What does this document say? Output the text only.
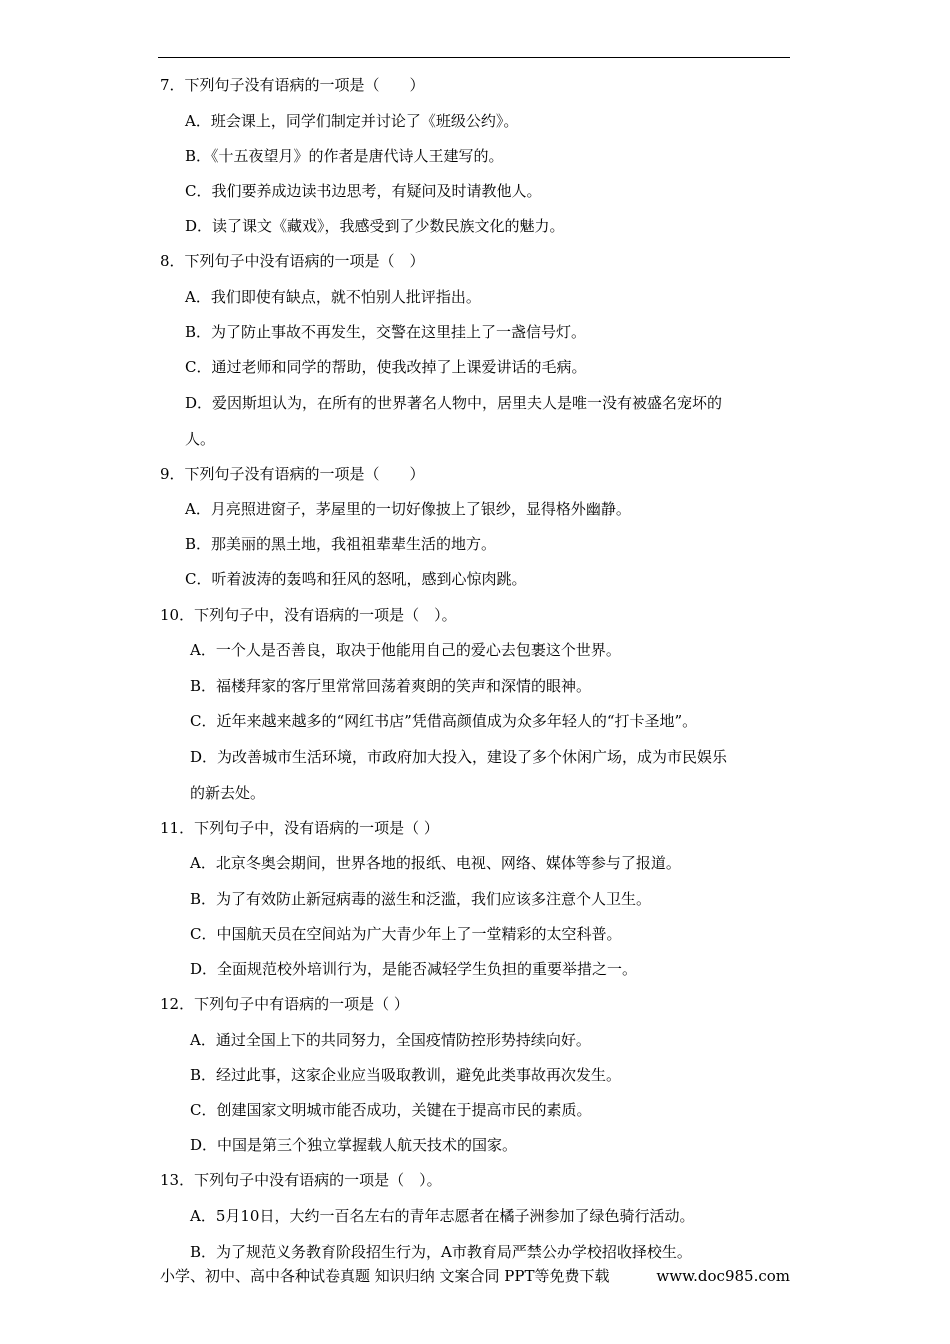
7．下列句子没有语病的一项是（　　）
A．班会课上，同学们制定并讨论了《班级公约》。
B．《十五夜望月》的作者是唐代诗人王建写的。
C．我们要养成边读书边思考，有疑问及时请教他人。
D．读了课文《藏戏》，我感受到了少数民族文化的魅力。
8．下列句子中没有语病的一项是（　）
A．我们即使有缺点，就不怕别人批评指出。
B．为了防止事故不再发生，交警在这里挂上了一盏信号灯。
C．通过老师和同学的帮助，使我改掉了上课爱讲话的毛病。
D．爱因斯坦认为，在所有的世界著名人物中，居里夫人是唯一没有被盛名宠坏的
人。
9．下列句子没有语病的一项是（　　）
A．月亮照进窗子，茅屋里的一切好像披上了银纱，显得格外幽静。
B．那美丽的黑土地，我祖祖辈辈生活的地方。
C．听着波涛的轰鸣和狂风的怒吼，感到心惊肉跳。
10．下列句子中，没有语病的一项是（　）。
A．一个人是否善良，取决于他能用自己的爱心去包裹这个世界。
B．福楼拜家的客厅里常常回荡着爽朗的笑声和深情的眼神。
C．近年来越来越多的“网红书店”凭借高颜值成为众多年轻人的“打卡圣地”。
D．为改善城市生活环境，市政府加大投入，建设了多个休闲广场，成为市民娱乐
的新去处。
11．下列句子中，没有语病的一项是（ ）
A．北京冬奥会期间，世界各地的报纸、电视、网络、媒体等参与了报道。
B．为了有效防止新冠病毒的滋生和泛滥，我们应该多注意个人卫生。
C．中国航天员在空间站为广大青少年上了一堂精彩的太空科普。
D．全面规范校外培训行为，是能否减轻学生负担的重要举措之一。
12．下列句子中有语病的一项是（ ）
A．通过全国上下的共同努力，全国疫情防控形势持续向好。
B．经过此事，这家企业应当吸取教训，避免此类事故再次发生。
C．创建国家文明城市能否成功，关键在于提高市民的素质。
D．中国是第三个独立掌握载人航天技术的国家。
13．下列句子中没有语病的一项是（　）。
A．5月10日，大约一百名左右的青年志愿者在橘子洲参加了绿色骑行活动。
B．为了规范义务教育阶段招生行为，A市教育局严禁公办学校招收择校生。
小学、初中、高中各种试卷真题 知识归纳 文案合同 PPT等免费下载	www.doc985.com
